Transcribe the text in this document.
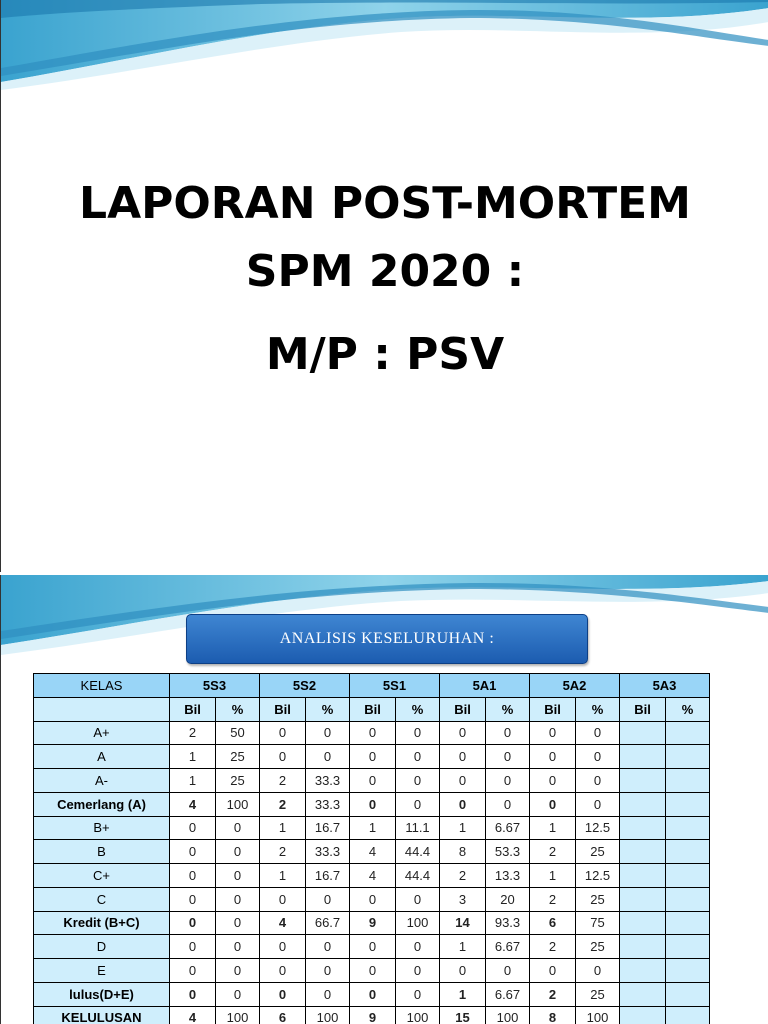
LAPORAN POST-MORTEM
SPM 2020 :
M/P : PSV
ANALISIS KESELURUHAN :
KELAS	5S3		5S2		5S1		5A1		5A2		5A3	
	Bil	%	Bil	%	Bil	%	Bil	%	Bil	%	Bil	%
A+	2	50	0	0	0	0	0	0	0	0		
A	1	25	0	0	0	0	0	0	0	0		
A-	1	25	2	33.3	0	0	0	0	0	0		
Cemerlang (A)	4	100	2	33.3	0	0	0	0	0	0		
B+	0	0	1	16.7	1	11.1	1	6.67	1	12.5		
B	0	0	2	33.3	4	44.4	8	53.3	2	25		
C+	0	0	1	16.7	4	44.4	2	13.3	1	12.5		
C	0	0	0	0	0	0	3	20	2	25		
Kredit (B+C)	0	0	4	66.7	9	100	14	93.3	6	75		
D	0	0	0	0	0	0	1	6.67	2	25		
E	0	0	0	0	0	0	0	0	0	0		
lulus(D+E)	0	0	0	0	0	0	1	6.67	2	25		
KELULUSAN	4	100	6	100	9	100	15	100	8	100		
